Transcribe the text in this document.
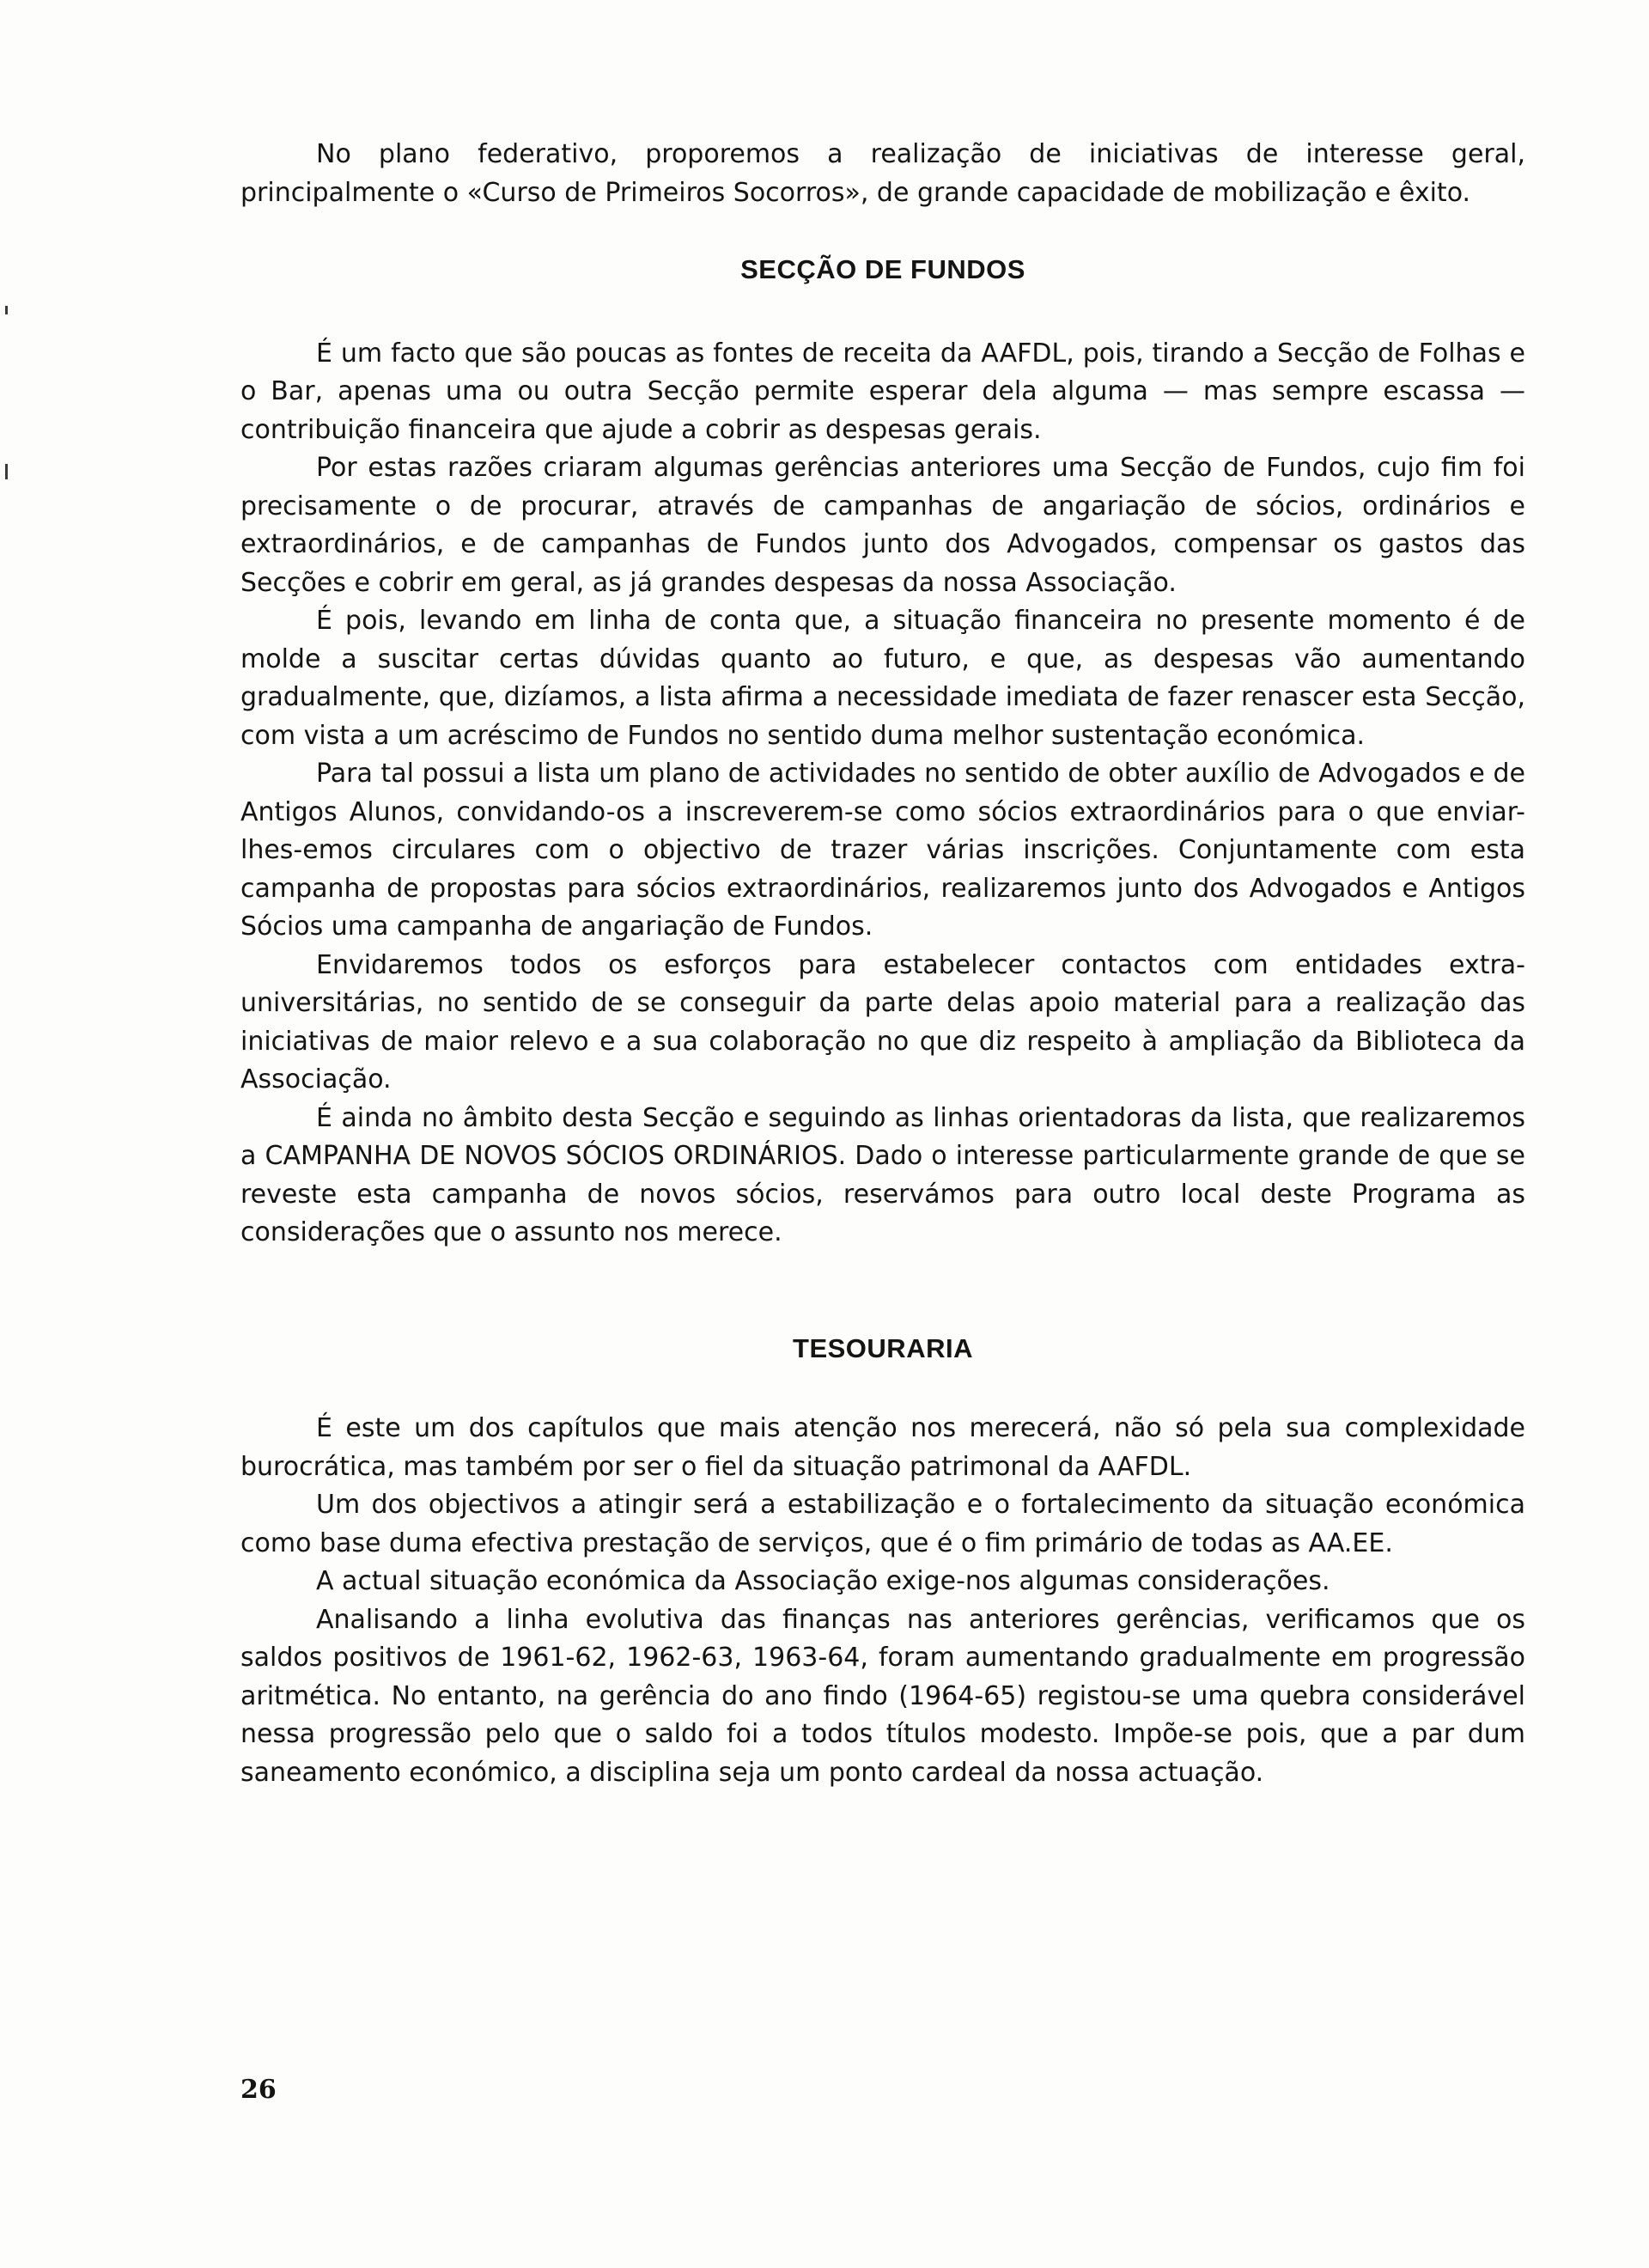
No plano federativo, proporemos a realização de iniciativas de interesse geral, principalmente o «Curso de Primeiros Socorros», de grande capacidade de mobilização e êxito.

SECÇÃO DE FUNDOS

É um facto que são poucas as fontes de receita da AAFDL, pois, tirando a Secção de Folhas e o Bar, apenas uma ou outra Secção permite esperar dela alguma — mas sempre escassa — contribuição financeira que ajude a cobrir as despesas gerais.

Por estas razões criaram algumas gerências anteriores uma Secção de Fundos, cujo fim foi precisamente o de procurar, através de campanhas de angariação de sócios, ordinários e extraordinários, e de campanhas de Fundos junto dos Advogados, compensar os gastos das Secções e cobrir em geral, as já grandes despesas da nossa Associação.

É pois, levando em linha de conta que, a situação financeira no presente momento é de molde a suscitar certas dúvidas quanto ao futuro, e que, as despesas vão aumentando gradualmente, que, dizíamos, a lista afirma a necessidade imediata de fazer renascer esta Secção, com vista a um acréscimo de Fundos no sentido duma melhor sustentação económica.

Para tal possui a lista um plano de actividades no sentido de obter auxílio de Advogados e de Antigos Alunos, convidando-os a inscreverem-se como sócios extraordinários para o que enviar-lhes-emos circulares com o objectivo de trazer várias inscrições. Conjuntamente com esta campanha de propostas para sócios extraordinários, realizaremos junto dos Advogados e Antigos Sócios uma campanha de angariação de Fundos.

Envidaremos todos os esforços para estabelecer contactos com entidades extra-universitárias, no sentido de se conseguir da parte delas apoio material para a realização das iniciativas de maior relevo e a sua colaboração no que diz respeito à ampliação da Biblioteca da Associação.

É ainda no âmbito desta Secção e seguindo as linhas orientadoras da lista, que realizaremos a CAMPANHA DE NOVOS SÓCIOS ORDINÁRIOS. Dado o interesse particularmente grande de que se reveste esta campanha de novos sócios, reservámos para outro local deste Programa as considerações que o assunto nos merece.

TESOURARIA

É este um dos capítulos que mais atenção nos merecerá, não só pela sua complexidade burocrática, mas também por ser o fiel da situação patrimonal da AAFDL.

Um dos objectivos a atingir será a estabilização e o fortalecimento da situação económica como base duma efectiva prestação de serviços, que é o fim primário de todas as AA.EE.

A actual situação económica da Associação exige-nos algumas considerações.

Analisando a linha evolutiva das finanças nas anteriores gerências, verificamos que os saldos positivos de 1961-62, 1962-63, 1963-64, foram aumentando gradualmente em progressão aritmética. No entanto, na gerência do ano findo (1964-65) registou-se uma quebra considerável nessa progressão pelo que o saldo foi a todos títulos modesto. Impõe-se pois, que a par dum saneamento económico, a disciplina seja um ponto cardeal da nossa actuação.

26
